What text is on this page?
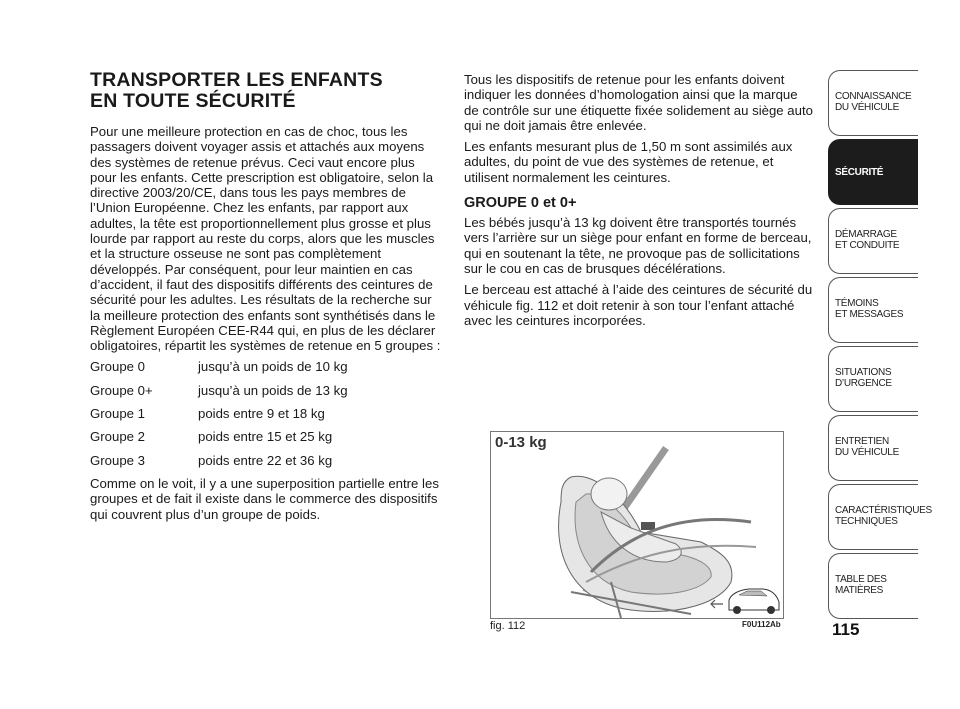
TRANSPORTER LES ENFANTS
EN TOUTE SÉCURITÉ

Pour une meilleure protection en cas de choc, tous les passagers doivent voyager assis et attachés aux moyens des systèmes de retenue prévus. Ceci vaut encore plus pour les enfants. Cette prescription est obligatoire, selon la directive 2003/20/CE, dans tous les pays membres de l’Union Européenne. Chez les enfants, par rapport aux adultes, la tête est proportionnellement plus grosse et plus lourde par rapport au reste du corps, alors que les muscles et la structure osseuse ne sont pas complètement développés. Par conséquent, pour leur maintien en cas d’accident, il faut des dispositifs différents des ceintures de sécurité pour les adultes. Les résultats de la recherche sur la meilleure protection des enfants sont synthétisés dans le Règlement Européen CEE-R44 qui, en plus de les déclarer obligatoires, répartit les systèmes de retenue en 5 groupes :

Groupe 0	jusqu’à un poids de 10 kg
Groupe 0+	jusqu’à un poids de 13 kg
Groupe 1	poids entre 9 et 18 kg
Groupe 2	poids entre 15 et 25 kg
Groupe 3	poids entre 22 et 36 kg

Comme on le voit, il y a une superposition partielle entre les groupes et de fait il existe dans le commerce des dispositifs qui couvrent plus d’un groupe de poids.

Tous les dispositifs de retenue pour les enfants doivent indiquer les données d’homologation ainsi que la marque de contrôle sur une étiquette fixée solidement au siège auto qui ne doit jamais être enlevée.

Les enfants mesurant plus de 1,50 m sont assimilés aux adultes, du point de vue des systèmes de retenue, et utilisent normalement les ceintures.

GROUPE 0 et 0+

Les bébés jusqu’à 13 kg doivent être transportés tournés vers l’arrière sur un siège pour enfant en forme de berceau, qui en soutenant la tête, ne provoque pas de sollicitations sur le cou en cas de brusques décélérations.

Le berceau est attaché à l’aide des ceintures de sécurité du véhicule fig. 112 et doit retenir à son tour l’enfant attaché avec les ceintures incorporées.

0-13 kg
fig. 112	F0U112Ab
CONNAISSANCE
DU VÉHICULE
SÉCURITÉ
DÉMARRAGE
ET CONDUITE
TÉMOINS
ET MESSAGES
SITUATIONS
D’URGENCE
ENTRETIEN
DU VÉHICULE
CARACTÉRISTIQUES
TECHNIQUES
TABLE DES
MATIÈRES
115
